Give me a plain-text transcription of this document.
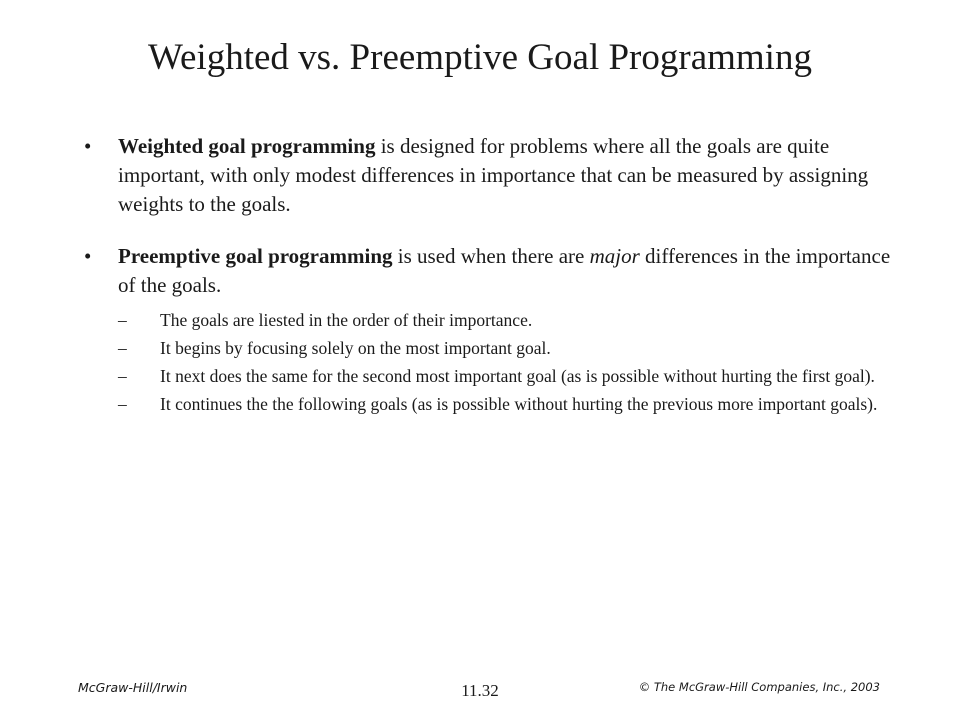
Weighted vs. Preemptive Goal Programming
• Weighted goal programming is designed for problems where all the goals are quite important, with only modest differences in importance that can be measured by assigning weights to the goals.
• Preemptive goal programming is used when there are major differences in the importance of the goals.
– The goals are liested in the order of their importance.
– It begins by focusing solely on the most important goal.
– It next does the same for the second most important goal (as is possible without hurting the first goal).
– It continues the the following goals (as is possible without hurting the previous more important goals).
McGraw-Hill/Irwin	11.32	© The McGraw-Hill Companies, Inc., 2003
